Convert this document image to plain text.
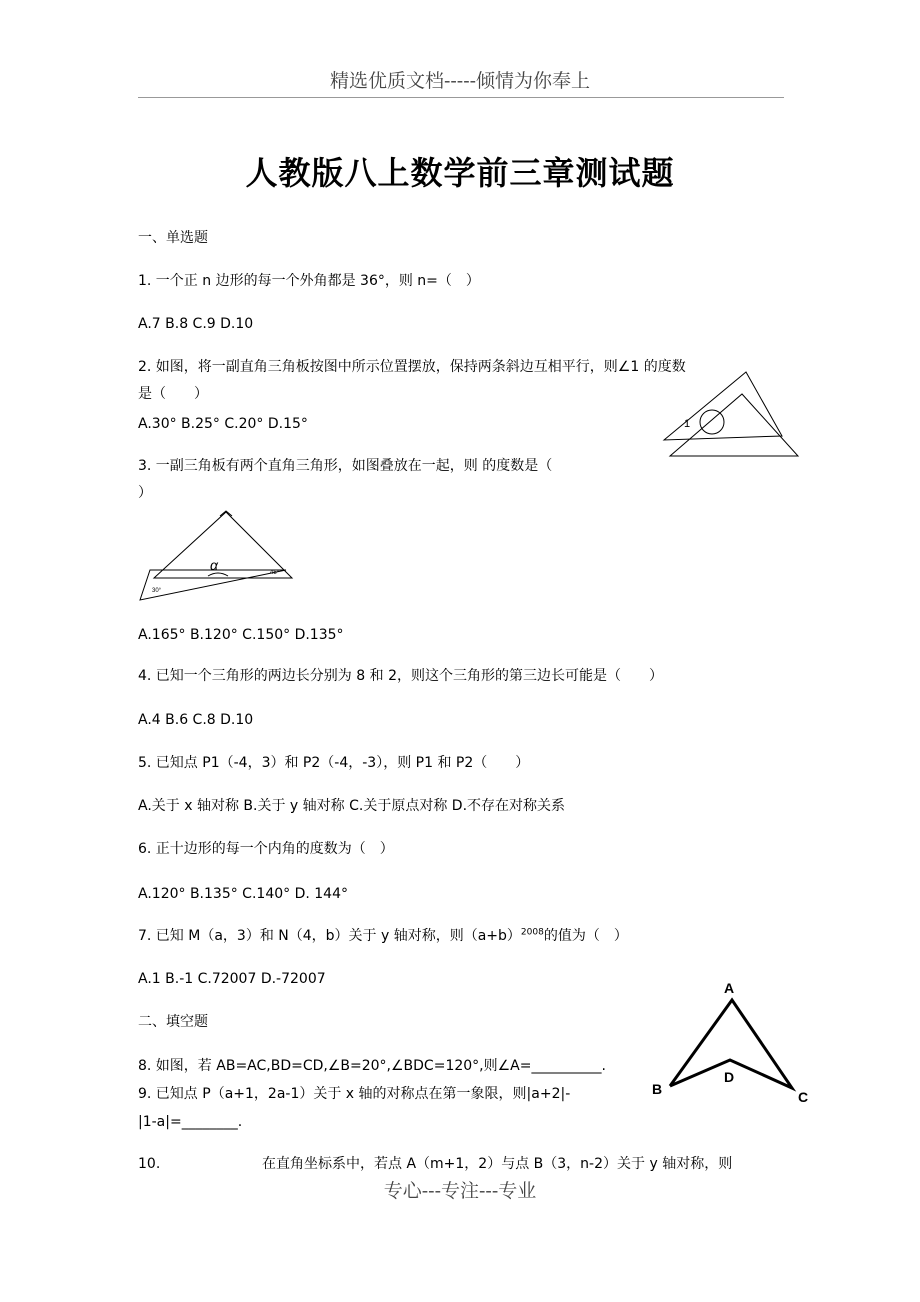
精选优质文档-----倾情为你奉上
人教版八上数学前三章测试题
一、单选题
1. 一个正 n 边形的每一个外角都是 36°，则 n=（　）
A.7 B.8 C.9 D.10
2. 如图，将一副直角三角板按图中所示位置摆放，保持两条斜边互相平行，则∠1 的度数
是（　　）
A.30° B.25° C.20° D.15°	1
3. 一副三角板有两个直角三角形，如图叠放在一起，则 的度数是（
）
α	45°
30°
A.165° B.120° C.150° D.135°
4. 已知一个三角形的两边长分别为 8 和 2，则这个三角形的第三边长可能是（　　）
A.4 B.6 C.8 D.10
5. 已知点 P1（-4，3）和 P2（-4，-3），则 P1 和 P2（　　）
A.关于 x 轴对称 B.关于 y 轴对称 C.关于原点对称 D.不存在对称关系
6. 正十边形的每一个内角的度数为（　）
A.120° B.135° C.140° D. 144°
7. 已知 M（a，3）和 N（4，b）关于 y 轴对称，则$(a+b)^{2008}$的值为（　）
A.1 B.-1 C.72007 D.-72007
二、填空题
8. 如图，若 AB=AC,BD=CD,∠B=20°,∠BDC=120°,则∠A=__________.
A
B	C
D
9. 已知点 P（a+1，2a-1）关于 x 轴的对称点在第一象限，则|a+2|-
|1-a|=________.
10.	在直角坐标系中，若点 A（m+1，2）与点 B（3，n-2）关于 y 轴对称，则
专心---专注---专业
